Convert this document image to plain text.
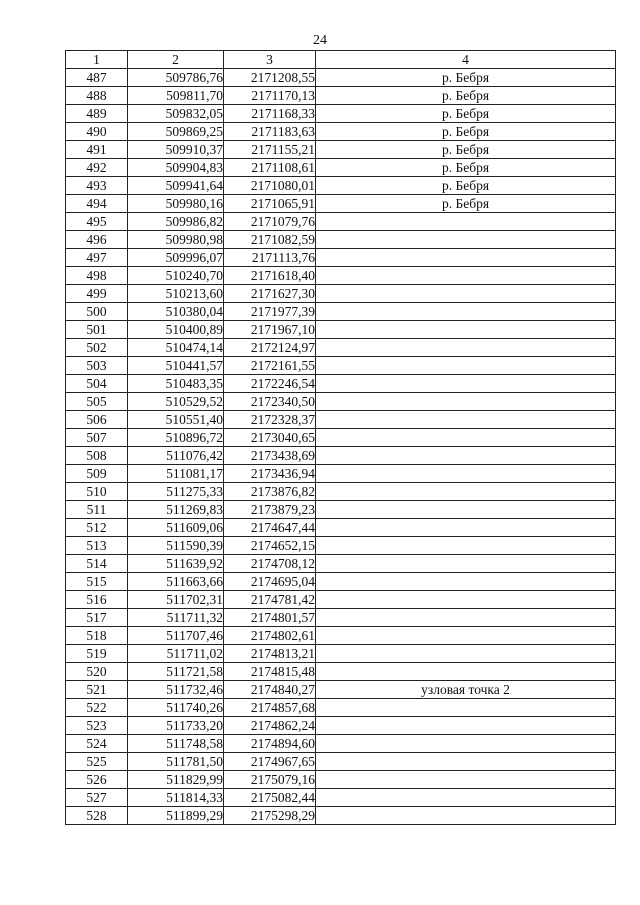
24
1	2	3	4
487	509786,76	2171208,55	р. Бебря
488	509811,70	2171170,13	р. Бебря
489	509832,05	2171168,33	р. Бебря
490	509869,25	2171183,63	р. Бебря
491	509910,37	2171155,21	р. Бебря
492	509904,83	2171108,61	р. Бебря
493	509941,64	2171080,01	р. Бебря
494	509980,16	2171065,91	р. Бебря
495	509986,82	2171079,76	
496	509980,98	2171082,59	
497	509996,07	2171113,76	
498	510240,70	2171618,40	
499	510213,60	2171627,30	
500	510380,04	2171977,39	
501	510400,89	2171967,10	
502	510474,14	2172124,97	
503	510441,57	2172161,55	
504	510483,35	2172246,54	
505	510529,52	2172340,50	
506	510551,40	2172328,37	
507	510896,72	2173040,65	
508	511076,42	2173438,69	
509	511081,17	2173436,94	
510	511275,33	2173876,82	
511	511269,83	2173879,23	
512	511609,06	2174647,44	
513	511590,39	2174652,15	
514	511639,92	2174708,12	
515	511663,66	2174695,04	
516	511702,31	2174781,42	
517	511711,32	2174801,57	
518	511707,46	2174802,61	
519	511711,02	2174813,21	
520	511721,58	2174815,48	
521	511732,46	2174840,27	узловая точка 2
522	511740,26	2174857,68	
523	511733,20	2174862,24	
524	511748,58	2174894,60	
525	511781,50	2174967,65	
526	511829,99	2175079,16	
527	511814,33	2175082,44	
528	511899,29	2175298,29	
